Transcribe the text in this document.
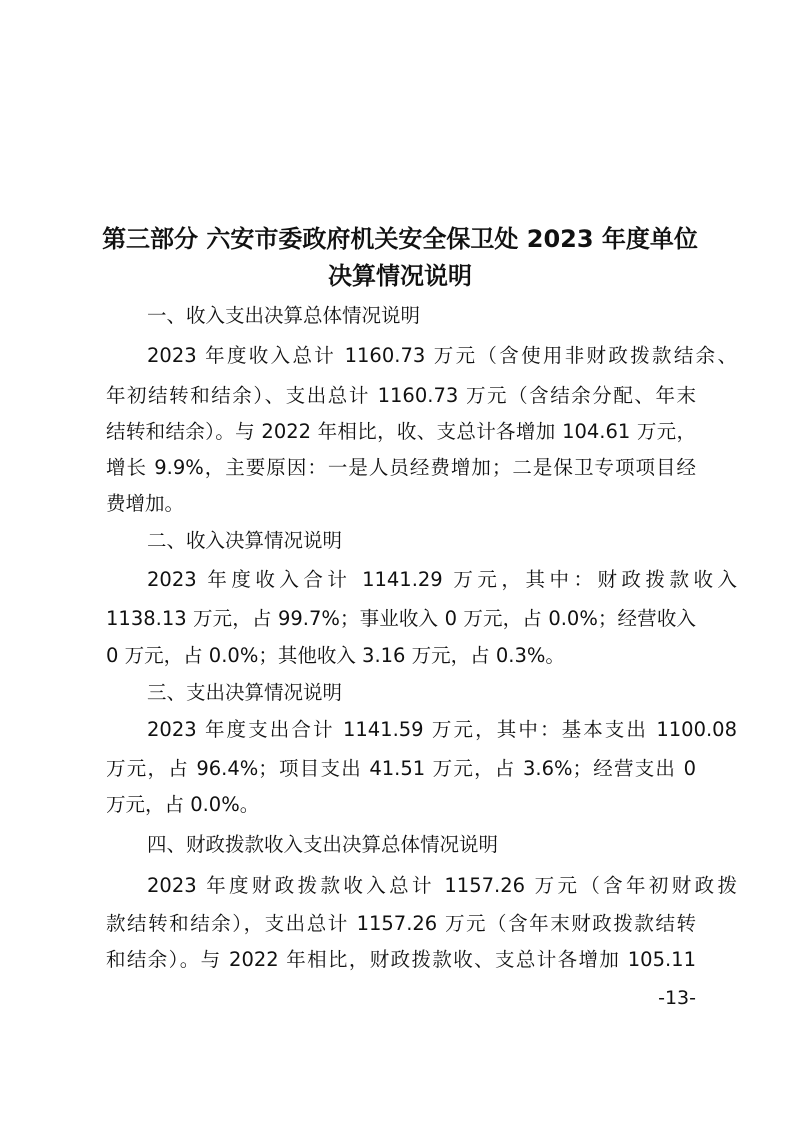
第三部分 六安市委政府机关安全保卫处 2023 年度单位
决算情况说明

一、收入支出决算总体情况说明

2023 年度收入总计 1160.73 万元（含使用非财政拨款结余、

年初结转和结余）、支出总计 1160.73 万元（含结余分配、年末

结转和结余）。与 2022 年相比，收、支总计各增加 104.61 万元，

增长 9.9%，主要原因：一是人员经费增加；二是保卫专项项目经

费增加。

二、收入决算情况说明

2023 年度收入合计 1141.29 万元，其中：财政拨款收入

1138.13 万元，占 99.7%；事业收入 0 万元，占 0.0%；经营收入

0 万元，占 0.0%；其他收入 3.16 万元，占 0.3%。

三、支出决算情况说明

2023 年度支出合计 1141.59 万元，其中：基本支出 1100.08

万元，占 96.4%；项目支出 41.51 万元，占 3.6%；经营支出 0

万元，占 0.0%。

四、财政拨款收入支出决算总体情况说明

2023 年度财政拨款收入总计 1157.26 万元（含年初财政拨

款结转和结余），支出总计 1157.26 万元（含年末财政拨款结转

和结余）。与 2022 年相比，财政拨款收、支总计各增加 105.11

-13-
